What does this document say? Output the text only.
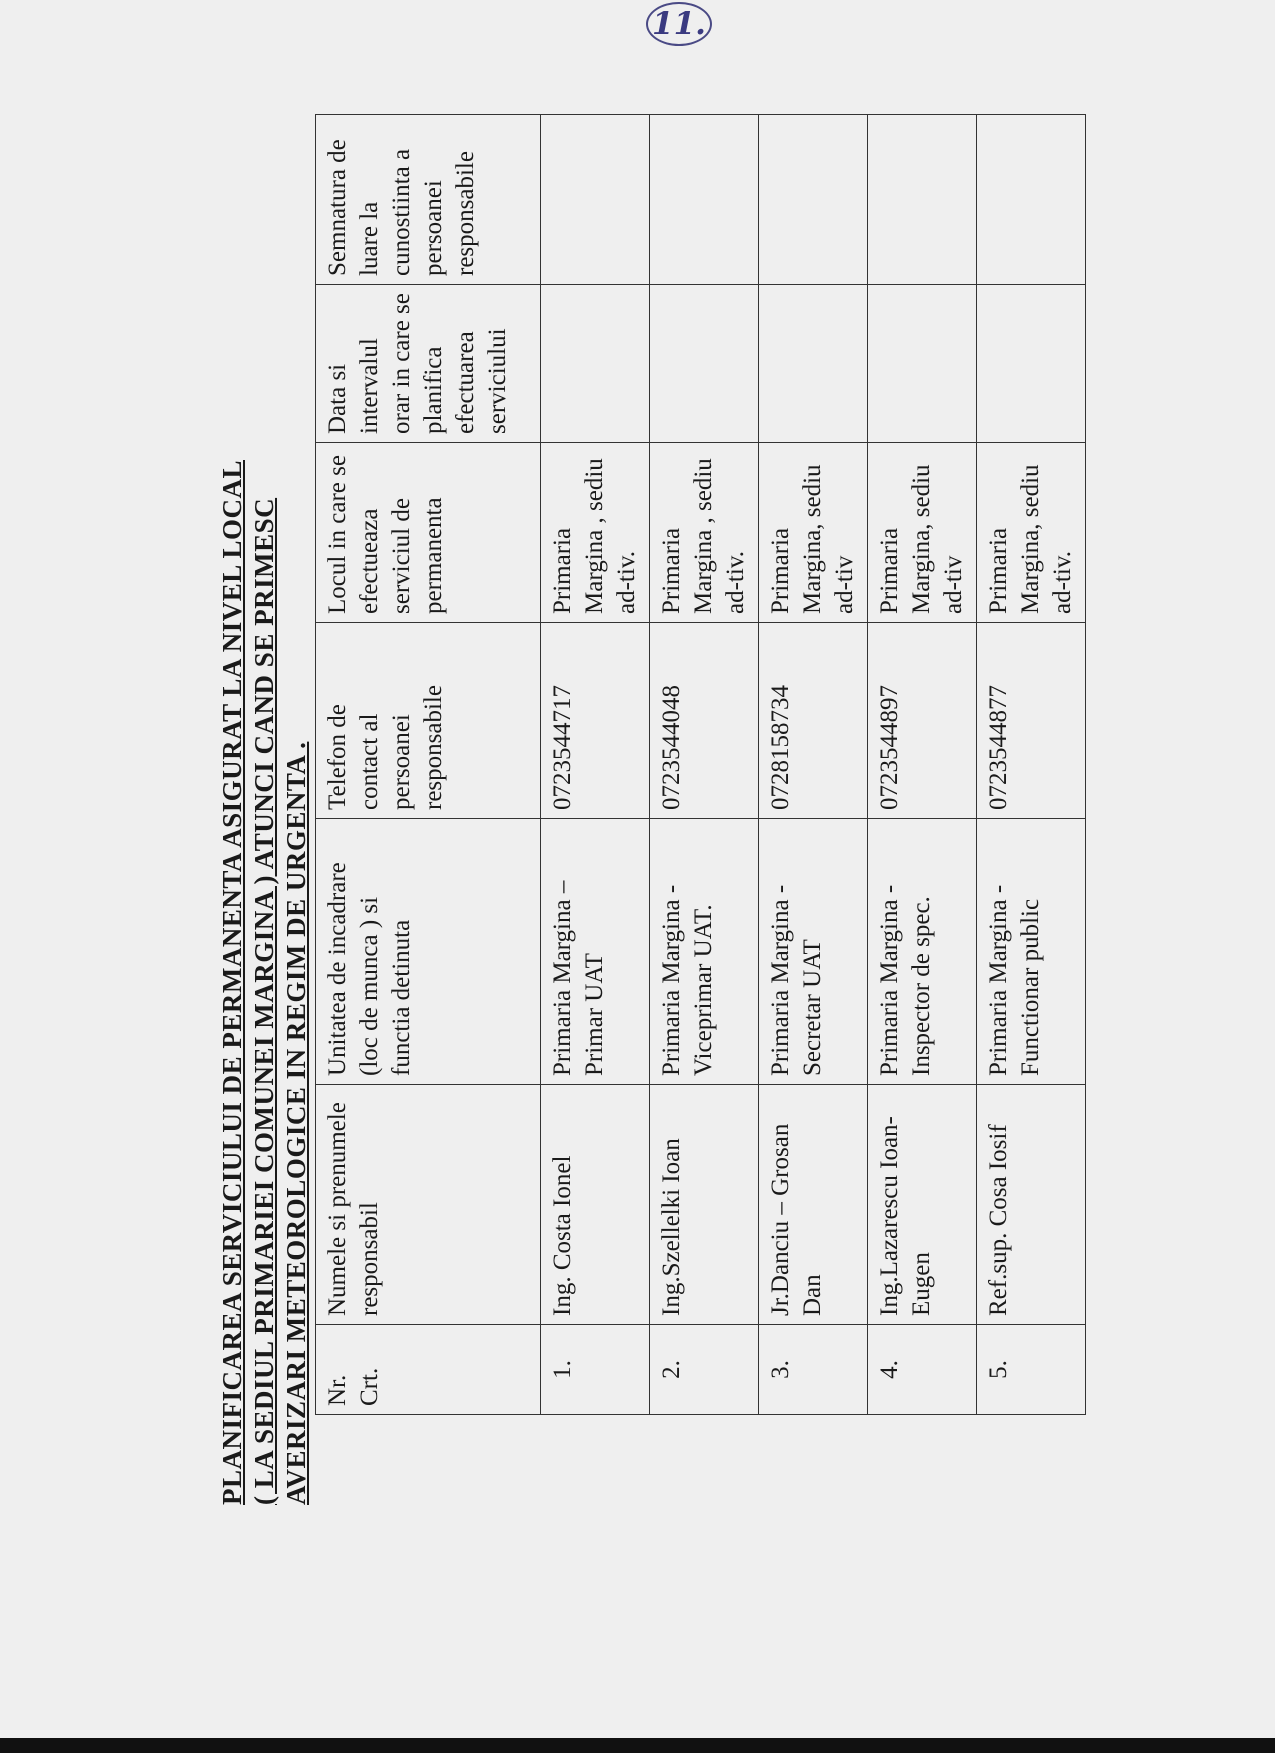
11.
PLANIFICAREA SERVICIULUI DE PERMANENTA ASIGURAT LA NIVEL LOCAL ( LA SEDIUL PRIMARIEI COMUNEI MARGINA ) ATUNCI CAND SE PRIMESC AVERIZARI METEOROLOGICE IN REGIM DE URGENTA . Nr. Crt.	Numele si prenumele responsabil	Unitatea de incadrare (loc de munca ) si functia detinuta	Telefon de contact al persoanei responsabile	Locul in care se efectueaza serviciul de permanenta	Data si intervalul orar in care se planifica efectuarea serviciului	Semnatura de luare la cunostiinta a persoanei responsabile
1.	Ing. Costa Ionel	Primaria Margina – Primar UAT	0723544717	Primaria Margina , sediu ad-tiv.		
2.	Ing.Szellelki Ioan	Primaria Margina -Viceprimar UAT.	0723544048	Primaria Margina , sediu ad-tiv.		
3.	Jr.Danciu – Grosan Dan	Primaria Margina -Secretar UAT	0728158734	Primaria Margina, sediu ad-tiv		
4.	Ing.Lazarescu Ioan-Eugen	Primaria Margina -Inspector de spec.	0723544897	Primaria Margina, sediu ad-tiv		
5.	Ref.sup. Cosa Iosif	Primaria Margina -Functionar public	0723544877	Primaria Margina, sediu ad-tiv.		
